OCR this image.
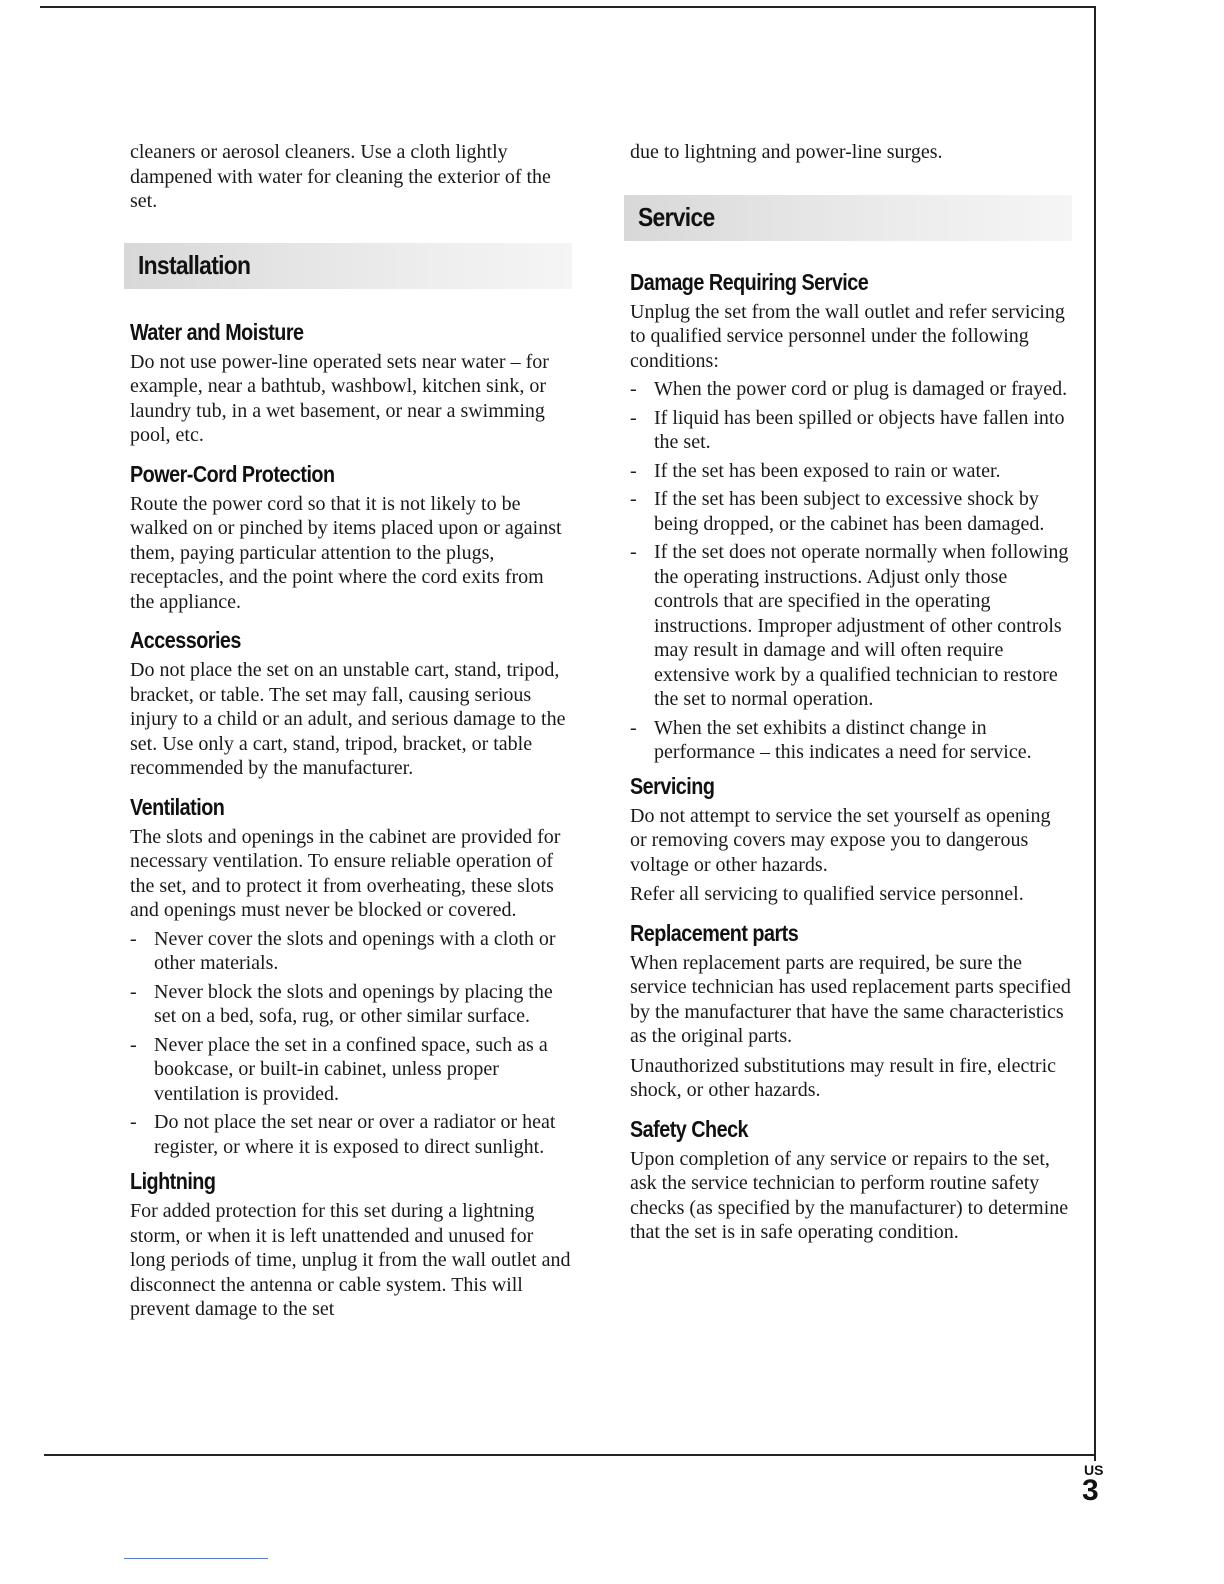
cleaners or aerosol cleaners. Use a cloth lightly dampened with water for cleaning the exterior of the set.

Installation
Water and Moisture

Do not use power-line operated sets near water – for example, near a bathtub, washbowl, kitchen sink, or laundry tub, in a wet basement, or near a swimming pool, etc.

Power-Cord Protection

Route the power cord so that it is not likely to be walked on or pinched by items placed upon or against them, paying particular attention to the plugs, receptacles, and the point where the cord exits from the appliance.

Accessories

Do not place the set on an unstable cart, stand, tripod, bracket, or table. The set may fall, causing serious injury to a child or an adult, and serious damage to the set. Use only a cart, stand, tripod, bracket, or table recommended by the manufacturer.

Ventilation

The slots and openings in the cabinet are provided for necessary ventilation. To ensure reliable operation of the set, and to protect it from overheating, these slots and openings must never be blocked or covered.

- Never cover the slots and openings with a cloth or other materials.
- Never block the slots and openings by placing the set on a bed, sofa, rug, or other similar surface.
- Never place the set in a confined space, such as a bookcase, or built-in cabinet, unless proper ventilation is provided.
- Do not place the set near or over a radiator or heat register, or where it is exposed to direct sunlight.
Lightning

For added protection for this set during a lightning storm, or when it is left unattended and unused for long periods of time, unplug it from the wall outlet and disconnect the antenna or cable system. This will prevent damage to the set

due to lightning and power-line surges.

Service
Damage Requiring Service

Unplug the set from the wall outlet and refer servicing to qualified service personnel under the following conditions:

- When the power cord or plug is damaged or frayed.
- If liquid has been spilled or objects have fallen into the set.
- If the set has been exposed to rain or water.
- If the set has been subject to excessive shock by being dropped, or the cabinet has been damaged.
- If the set does not operate normally when following the operating instructions. Adjust only those controls that are specified in the operating instructions. Improper adjustment of other controls may result in damage and will often require extensive work by a qualified technician to restore the set to normal operation.
- When the set exhibits a distinct change in performance – this indicates a need for service.
Servicing

Do not attempt to service the set yourself as opening or removing covers may expose you to dangerous voltage or other hazards.

Refer all servicing to qualified service personnel.

Replacement parts

When replacement parts are required, be sure the service technician has used replacement parts specified by the manufacturer that have the same characteristics as the original parts.

Unauthorized substitutions may result in fire, electric shock, or other hazards.

Safety Check

Upon completion of any service or repairs to the set, ask the service technician to perform routine safety checks (as specified by the manufacturer) to determine that the set is in safe operating condition.

US
3
